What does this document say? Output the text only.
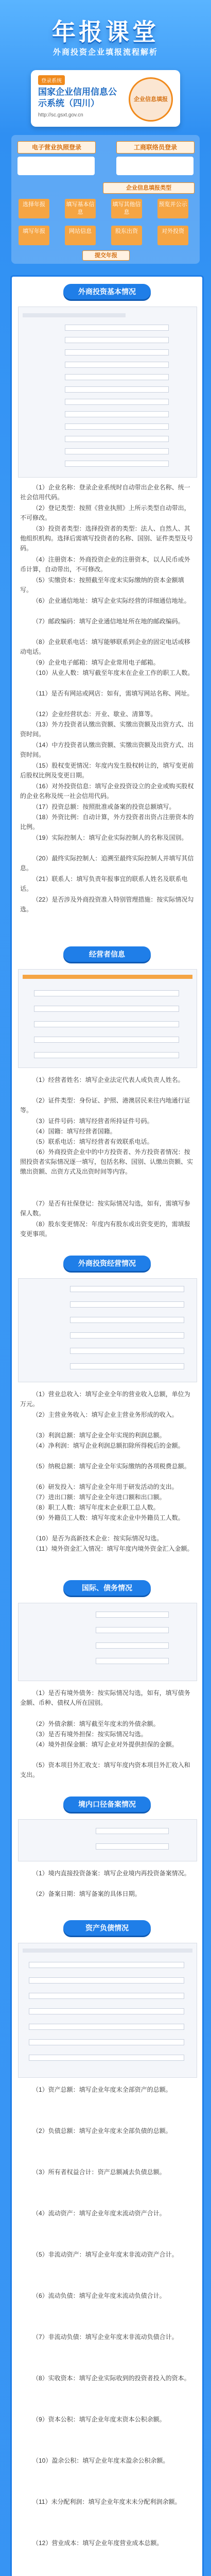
年报课堂
外商投资企业填报流程解析
登录系统
国家企业信用信息公示系统（四川）
http://sc.gsxt.gov.cn
企业信息填报
电子营业执照登录	工商联络员登录
企业信息填报类型
选择年报	填写基本信息
填写其他信息
预览并公示
填写年报	网站信息	股东出资	对外投资
提交年报
外商投资基本情况

（1）企业名称：登录企业系统时自动带出企业名称、统一社会信用代码。

（2）登记类型：按照《营业执照》上所示类型自动带出，不可修改。

（3）投资者类型：选择投资者的类型：法人、自然人、其他组织机构。选择后需填写投资者的名称、国别、证件类型及号码。

（4）注册资本：外商投资企业的注册资本，以人民币或外币计算，自动带出，不可修改。

（5）实缴资本：按照截至年度末实际缴纳的资本金额填写。

（6）企业通信地址：填写企业实际经营的详细通信地址。

（7）邮政编码：填写企业通信地址所在地的邮政编码。

（8）企业联系电话：填写能够联系到企业的固定电话或移动电话。

（9）企业电子邮箱：填写企业常用电子邮箱。

（10）从业人数：填写截至年度末在企业工作的职工人数。

（11）是否有网站或网店：如有，需填写网站名称、网址。

（12）企业经营状态：开业、歇业、清算等。

（13）外方投资者认缴出资额、实缴出资额及出资方式、出资时间。

（14）中方投资者认缴出资额、实缴出资额及出资方式、出资时间。

（15）股权变更情况：年度内发生股权转让的，填写变更前后股权比例及变更日期。

（16）对外投资信息：填写企业投资设立的企业或购买股权的企业名称及统一社会信用代码。

（17）投资总额：按照批准或备案的投资总额填写。

（18）外资比例：自动计算，外方投资者出资占注册资本的比例。

（19）实际控制人：填写企业实际控制人的名称及国别。

（20）最终实际控制人：追溯至最终实际控制人并填写其信息。

（21）联系人：填写负责年报事宜的联系人姓名及联系电话。

（22）是否涉及外商投资准入特别管理措施：按实际情况勾选。

经营者信息

（1）经营者姓名：填写企业法定代表人或负责人姓名。

（2）证件类型：身份证、护照、港澳居民来往内地通行证等。

（3）证件号码：填写经营者所持证件号码。

（4）国籍：填写经营者国籍。

（5）联系电话：填写经营者有效联系电话。

（6）外商投资企业中的中方投资者、外方投资者情况：按照投资者实际情况逐一填写，包括名称、国别、认缴出资额、实缴出资额、出资方式及出资时间等内容。

（7）是否有社保登记：按实际情况勾选，如有，需填写参保人数。

（8）股东变更情况：年度内有股东或出资变更的，需填报变更事项。

外商投资经营情况

（1）营业总收入：填写企业全年的营业收入总额，单位为万元。

（2）主营业务收入：填写企业主营业务形成的收入。

（3）利润总额：填写企业全年实现的利润总额。

（4）净利润：填写企业利润总额扣除所得税后的金额。

（5）纳税总额：填写企业全年实际缴纳的各项税费总额。

（6）研发投入：填写企业全年用于研发活动的支出。

（7）进出口额：填写企业全年进口额和出口额。

（8）职工人数：填写年度末企业职工总人数。

（9）外籍员工人数：填写年度末企业中外籍员工人数。

（10）是否为高新技术企业：按实际情况勾选。

（11）境外资金汇入情况：填写年度内境外资金汇入金额。

国际、债务情况

（1）是否有境外债务：按实际情况勾选，如有，填写债务金额、币种、债权人所在国别。

（2）外债余额：填写截至年度末的外债余额。

（3）是否有境外担保：按实际情况勾选。

（4）境外担保金额：填写企业对外提供担保的金额。

（5）资本项目外汇收支：填写年度内资本项目外汇收入和支出。

境内口径备案情况

（1）境内直接投资备案：填写企业境内再投资备案情况。

（2）备案日期：填写备案的具体日期。

资产负债情况

（1）资产总额：填写企业年度末全部资产的总额。

（2）负债总额：填写企业年度末全部负债的总额。

（3）所有者权益合计：资产总额减去负债总额。

（4）流动资产：填写企业年度末流动资产合计。

（5）非流动资产：填写企业年度末非流动资产合计。

（6）流动负债：填写企业年度末流动负债合计。

（7）非流动负债：填写企业年度末非流动负债合计。

（8）实收资本：填写企业实际收到的投资者投入的资本。

（9）资本公积：填写企业年度末资本公积余额。

（10）盈余公积：填写企业年度末盈余公积余额。

（11）未分配利润：填写企业年度末未分配利润余额。

（12）营业成本：填写企业年度营业成本总额。
